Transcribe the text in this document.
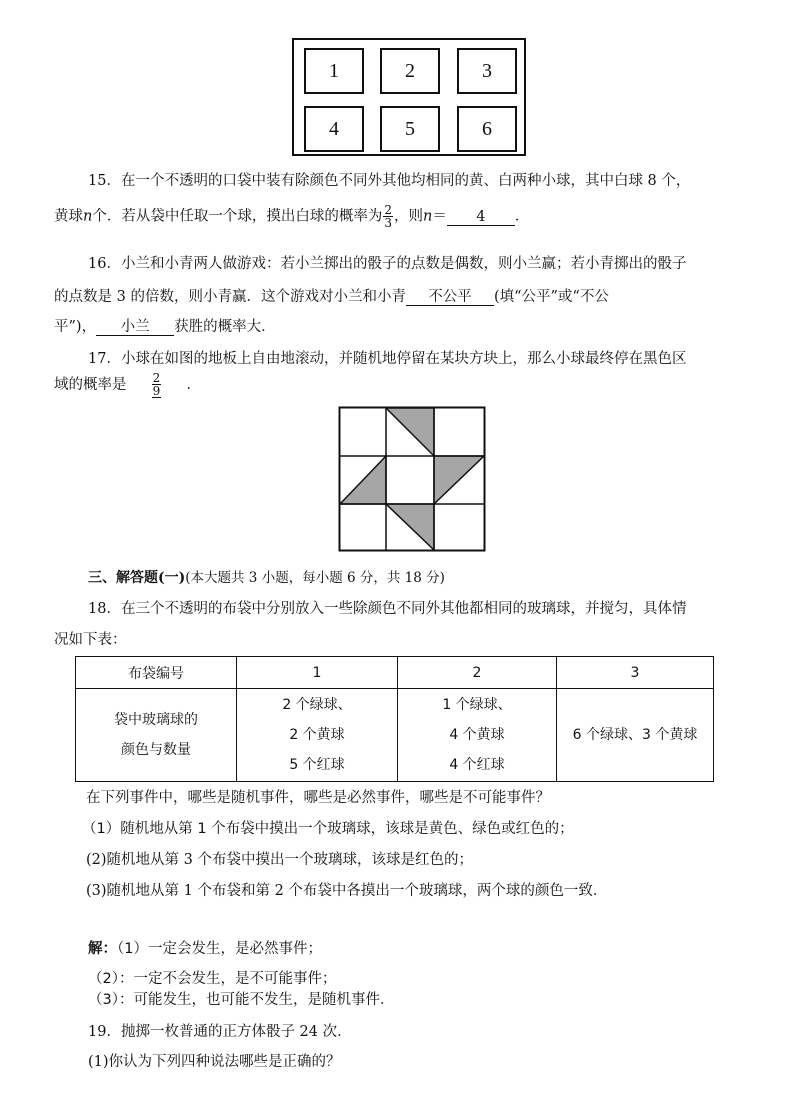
1	2	3
4	5	6
15．在一个不透明的口袋中装有除颜色不同外其他均相同的黄、白两种小球，其中白球 8 个，
黄球n个．若从袋中任取一个球，摸出白球的概率为 $\frac{2}{3}$ ，则n＝ 4 ．
16．小兰和小青两人做游戏：若小兰掷出的骰子的点数是偶数，则小兰赢；若小青掷出的骰子
的点数是 3 的倍数，则小青赢．这个游戏对小兰和小青 不公平 (填“公平”或“不公
平”)， 小兰 获胜的概率大．
17．小球在如图的地板上自由地滚动，并随机地停留在某块方块上，那么小球最终停在黑色区
域的概率是 $\frac{2}{9}$ ．
三、解答题(一)(本大题共 3 小题，每小题 6 分，共 18 分)
18．在三个不透明的布袋中分别放入一些除颜色不同外其他都相同的玻璃球，并搅匀，具体情
况如下表：
布袋编号	1	2	3

袋中玻璃球的
颜色与数量	2 个绿球、
2 个黄球
5 个红球	1 个绿球、
4 个黄球
4 个红球	6 个绿球、3 个黄球
在下列事件中，哪些是随机事件，哪些是必然事件，哪些是不可能事件？
（1）随机地从第 1 个布袋中摸出一个玻璃球，该球是黄色、绿色或红色的；
(2)随机地从第 3 个布袋中摸出一个玻璃球，该球是红色的；
(3)随机地从第 1 个布袋和第 2 个布袋中各摸出一个玻璃球，两个球的颜色一致．
解：（1）一定会发生，是必然事件；
（2）：一定不会发生，是不可能事件；
（3）：可能发生，也可能不发生，是随机事件．
19．抛掷一枚普通的正方体骰子 24 次．
(1)你认为下列四种说法哪些是正确的？
